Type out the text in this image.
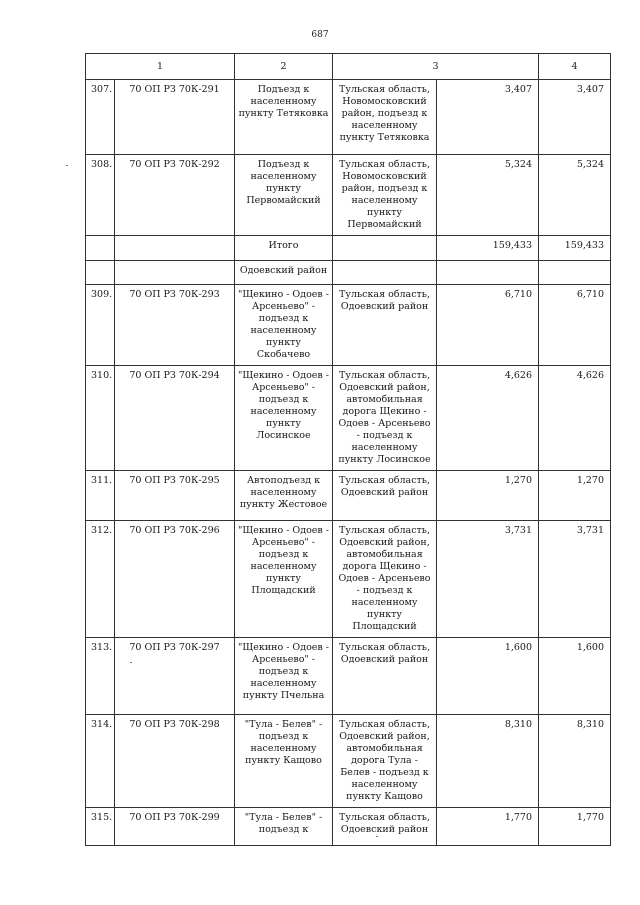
687
1		2	3		4
307.	70 ОП РЗ 70К-291	Подъезд к населенному пункту Тетяковка	Тульская область, Новомосковский район, подъезд к населенному пункту Тетяковка	3,407	3,407
308.	70 ОП РЗ 70К-292	Подъезд к населенному пункту Первомайский	Тульская область, Новомосковский район, подъезд к населенному пункту Первомайский	5,324	5,324
		Итого		159,433	159,433
		Одоевский район			
309.	70 ОП РЗ 70К-293	"Щекино - Одоев - Арсеньево" - подъезд к населенному пункту Скобачево	Тульская область, Одоевский район	6,710	6,710
310.	70 ОП РЗ 70К-294	"Щекино - Одоев - Арсеньево" - подъезд к населенному пункту Лосинское	Тульская область, Одоевский район, автомобильная дорога Щекино - Одоев - Арсеньево - подъезд к населенному пункту Лосинское	4,626	4,626
311.	70 ОП РЗ 70К-295	Автоподъезд к населенному пункту Жестовое	Тульская область, Одоевский район	1,270	1,270
312.	70 ОП РЗ 70К-296	"Щекино - Одоев - Арсеньево" - подъезд к населенному пункту Площадский	Тульская область, Одоевский район, автомобильная дорога Щекино - Одоев - Арсеньево - подъезд к населенному пункту Площадский	3,731	3,731
313.	70 ОП РЗ 70К-297	"Щекино - Одоев - Арсеньево" - подъезд к населенному пункту Пчельна	Тульская область, Одоевский район	1,600	1,600
314.	70 ОП РЗ 70К-298	"Тула - Белев" - подъезд к населенному пункту Кащово	Тульская область, Одоевский район, автомобильная дорога Тула - Белев - подъезд к населенному пункту Кащово	8,310	8,310
315.	70 ОП РЗ 70К-299	"Тула - Белев" - подъезд к	Тульская область, Одоевский район	1,770	1,770
